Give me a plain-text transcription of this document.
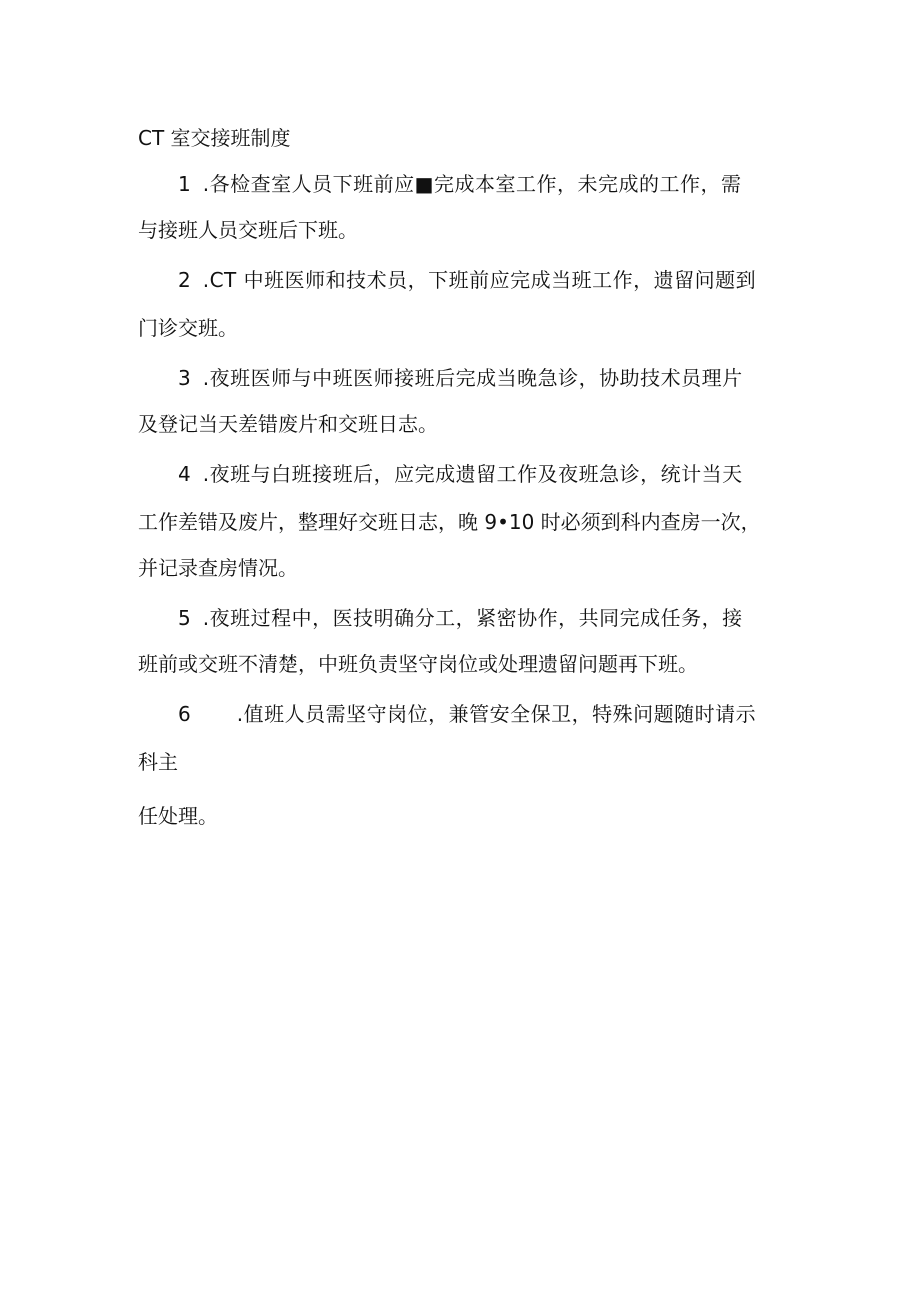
CT 室交接班制度
1 .各检查室人员下班前应■完成本室工作，未完成的工作，需
与接班人员交班后下班。
2 .CT 中班医师和技术员，下班前应完成当班工作，遗留问题到
门诊交班。
3 .夜班医师与中班医师接班后完成当晚急诊，协助技术员理片
及登记当天差错废片和交班日志。
4 .夜班与白班接班后，应完成遗留工作及夜班急诊，统计当天
工作差错及废片，整理好交班日志，晚 9•10 时必须到科内查房一次，
并记录查房情况。
5 .夜班过程中，医技明确分工，紧密协作，共同完成任务，接
班前或交班不清楚，中班负责坚守岗位或处理遗留问题再下班。
6 .值班人员需坚守岗位，兼管安全保卫，特殊问题随时请示
科主
任处理。
